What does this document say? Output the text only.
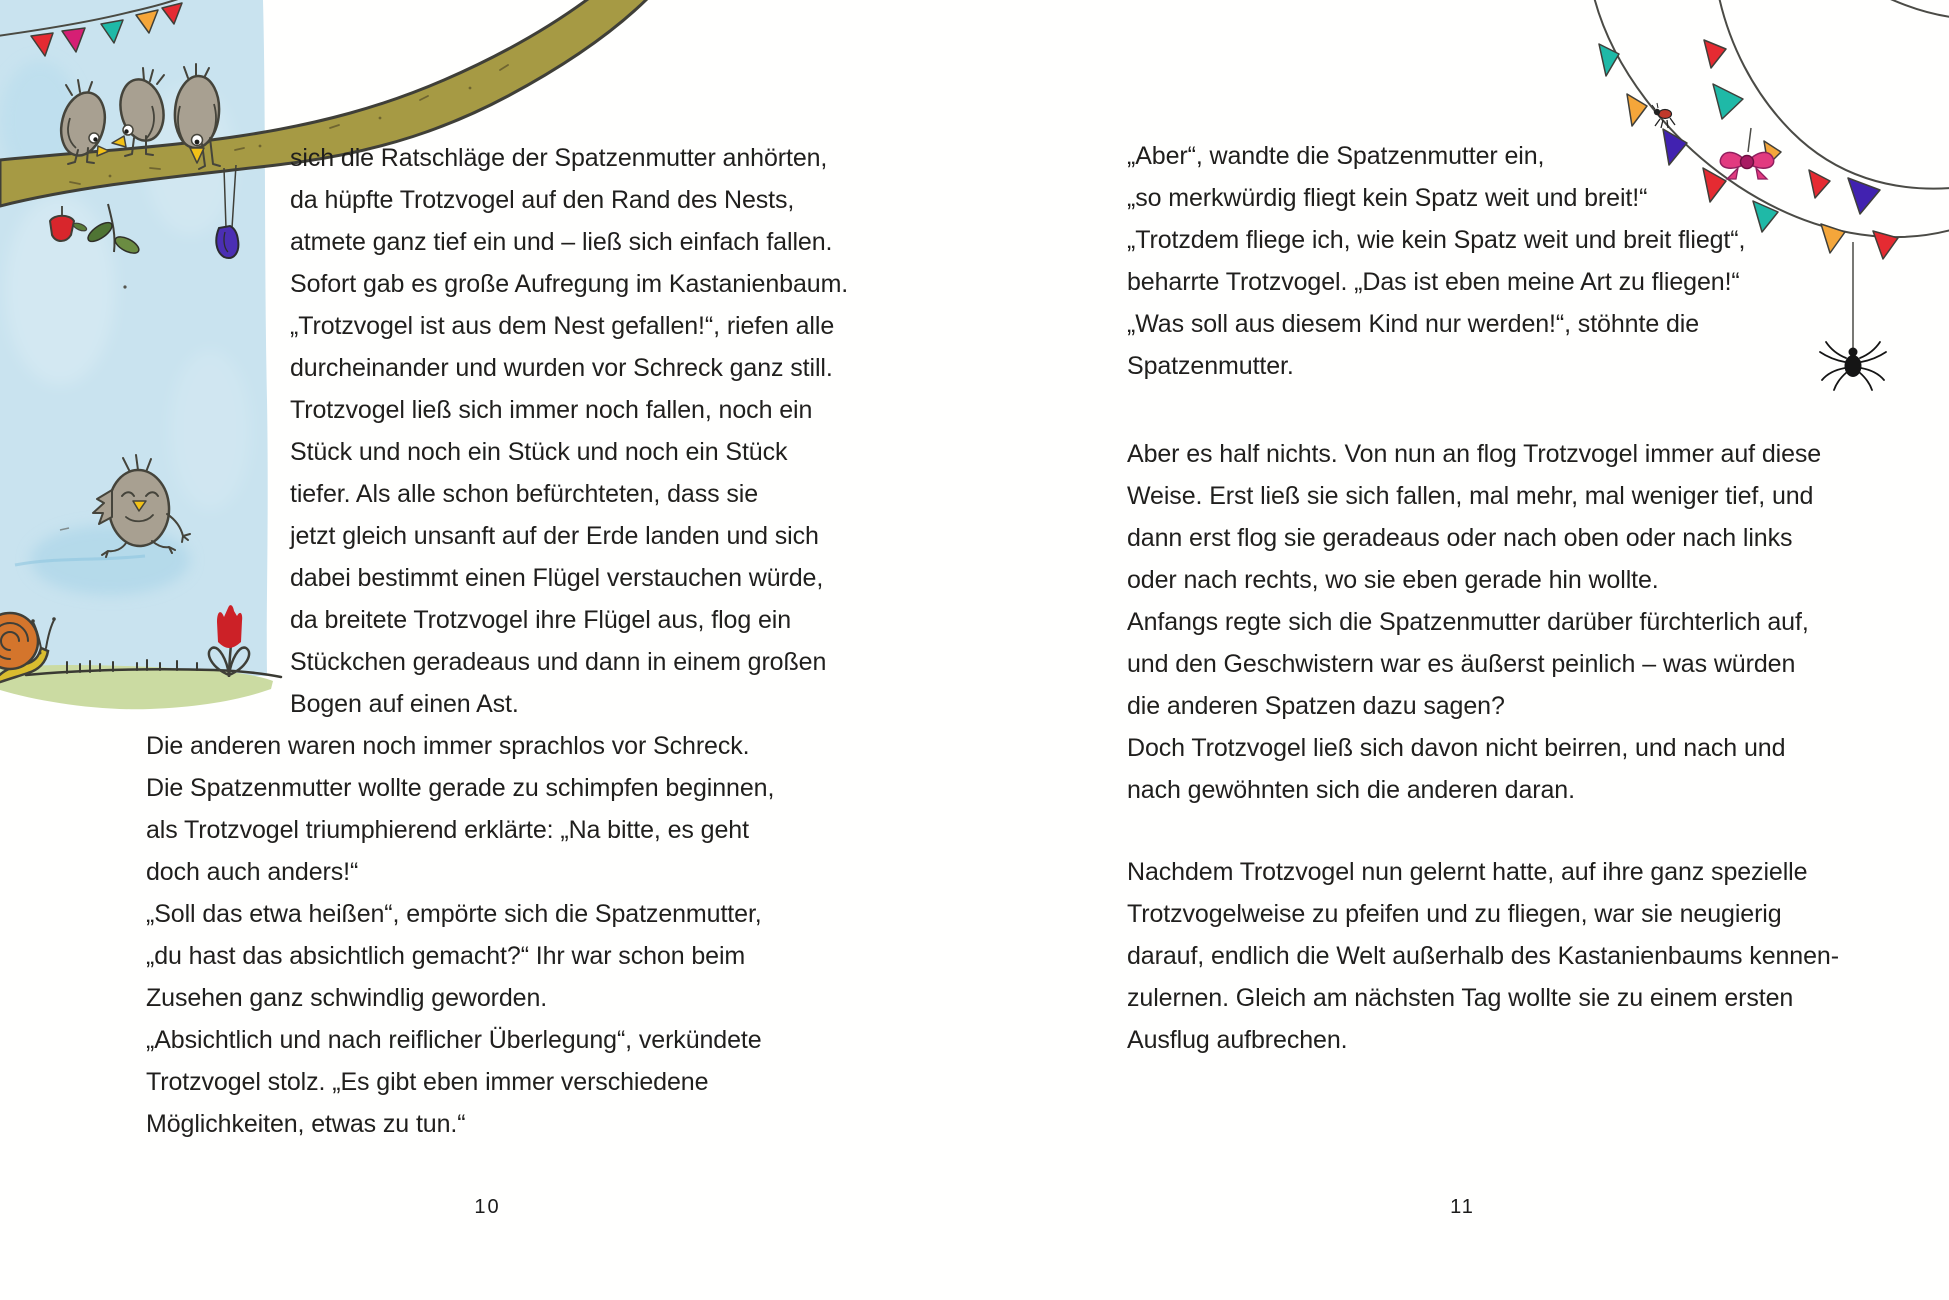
sich die Ratschläge der Spatzenmutter anhörten,
da hüpfte Trotzvogel auf den Rand des Nests,
atmete ganz tief ein und – ließ sich einfach fallen.
Sofort gab es große Aufregung im Kastanienbaum.
„Trotzvogel ist aus dem Nest gefallen!“, riefen alle
durcheinander und wurden vor Schreck ganz still.
Trotzvogel ließ sich immer noch fallen, noch ein
Stück und noch ein Stück und noch ein Stück
tiefer. Als alle schon befürchteten, dass sie
jetzt gleich unsanft auf der Erde landen und sich
dabei bestimmt einen Flügel verstauchen würde,
da breitete Trotzvogel ihre Flügel aus, flog ein
Stückchen geradeaus und dann in einem großen
Bogen auf einen Ast.
Die anderen waren noch immer sprachlos vor Schreck.
Die Spatzenmutter wollte gerade zu schimpfen beginnen,
als Trotzvogel triumphierend erklärte: „Na bitte, es geht
doch auch anders!“
„Soll das etwa heißen“, empörte sich die Spatzenmutter,
„du hast das absichtlich gemacht?“ Ihr war schon beim
Zusehen ganz schwindlig geworden.
„Absichtlich und nach reiflicher Überlegung“, verkündete
Trotzvogel stolz. „Es gibt eben immer verschiedene
Möglichkeiten, etwas zu tun.“
„Aber“, wandte die Spatzenmutter ein,
„so merkwürdig fliegt kein Spatz weit und breit!“
„Trotzdem fliege ich, wie kein Spatz weit und breit fliegt“,
beharrte Trotzvogel. „Das ist eben meine Art zu fliegen!“
„Was soll aus diesem Kind nur werden!“, stöhnte die
Spatzenmutter.
Aber es half nichts. Von nun an flog Trotzvogel immer auf diese
Weise. Erst ließ sie sich fallen, mal mehr, mal weniger tief, und
dann erst flog sie geradeaus oder nach oben oder nach links
oder nach rechts, wo sie eben gerade hin wollte.
Anfangs regte sich die Spatzenmutter darüber fürchterlich auf,
und den Geschwistern war es äußerst peinlich – was würden
die anderen Spatzen dazu sagen?
Doch Trotzvogel ließ sich davon nicht beirren, und nach und
nach gewöhnten sich die anderen daran.
Nachdem Trotzvogel nun gelernt hatte, auf ihre ganz spezielle
Trotzvogelweise zu pfeifen und zu fliegen, war sie neugierig
darauf, endlich die Welt außerhalb des Kastanienbaums kennen-
zulernen. Gleich am nächsten Tag wollte sie zu einem ersten
Ausflug aufbrechen.
10	11
